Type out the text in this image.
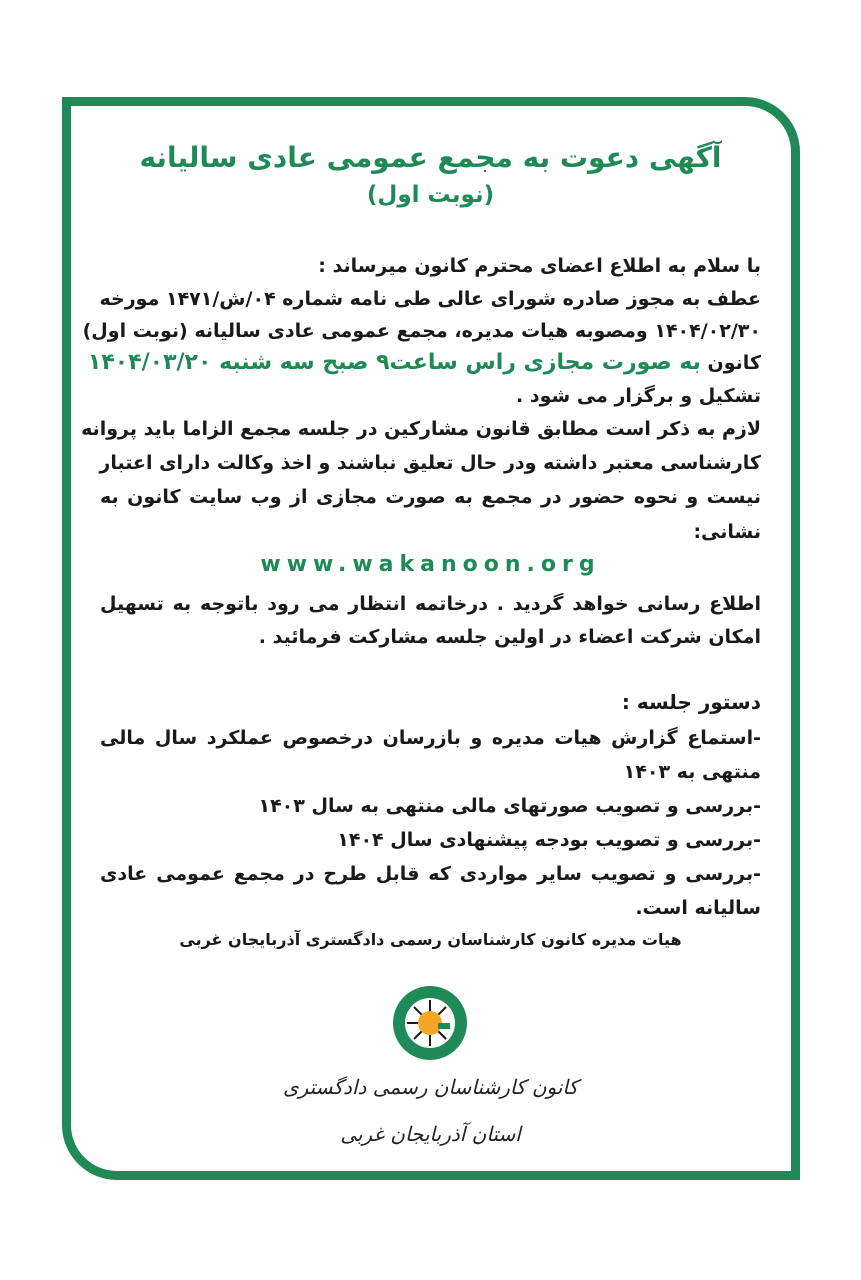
آگهی دعوت به مجمع عمومی عادی سالیانه
(نوبت اول)
با سلام به اطلاع اعضای محترم کانون میرساند :
عطف به مجوز صادره شورای عالی طی نامه شماره ۰۴/ش/۱۴۷۱ مورخه
۱۴۰۴/۰۲/۳۰ ومصوبه هیات مدیره، مجمع عمومی عادی سالیانه (نوبت اول)
کانون به صورت مجازی راس ساعت۹ صبح سه شنبه ۱۴۰۴/۰۳/۲۰
تشکیل و برگزار می شود .
لازم به ذکر است مطابق قانون مشارکین در جلسه مجمع الزاما باید پروانه
کارشناسی معتبر داشته ودر حال تعلیق نباشند و اخذ وکالت دارای اعتبار
نیست و نحوه حضور در مجمع به صورت مجازی از وب سایت کانون به
نشانی:
www.wakanoon.org
اطلاع رسانی خواهد گردید . درخاتمه انتظار می رود باتوجه به تسهیل
امکان شرکت اعضاء در اولین جلسه مشارکت فرمائید .
دستور جلسه :
-استماع گزارش هیات مدیره و بازرسان درخصوص عملکرد سال مالی
منتهی به ۱۴۰۳
-بررسی و تصویب صورتهای مالی منتهی به سال ۱۴۰۳
-بررسی و تصویب بودجه پیشنهادی سال ۱۴۰۴
-بررسی و تصویب سایر مواردی که قابل طرح در مجمع عمومی عادی
سالیانه است.
هیات مدیره کانون کارشناسان رسمی دادگستری آذربایجان غربی
کانون کارشناسان رسمی دادگستری
استان آذربایجان غربی
